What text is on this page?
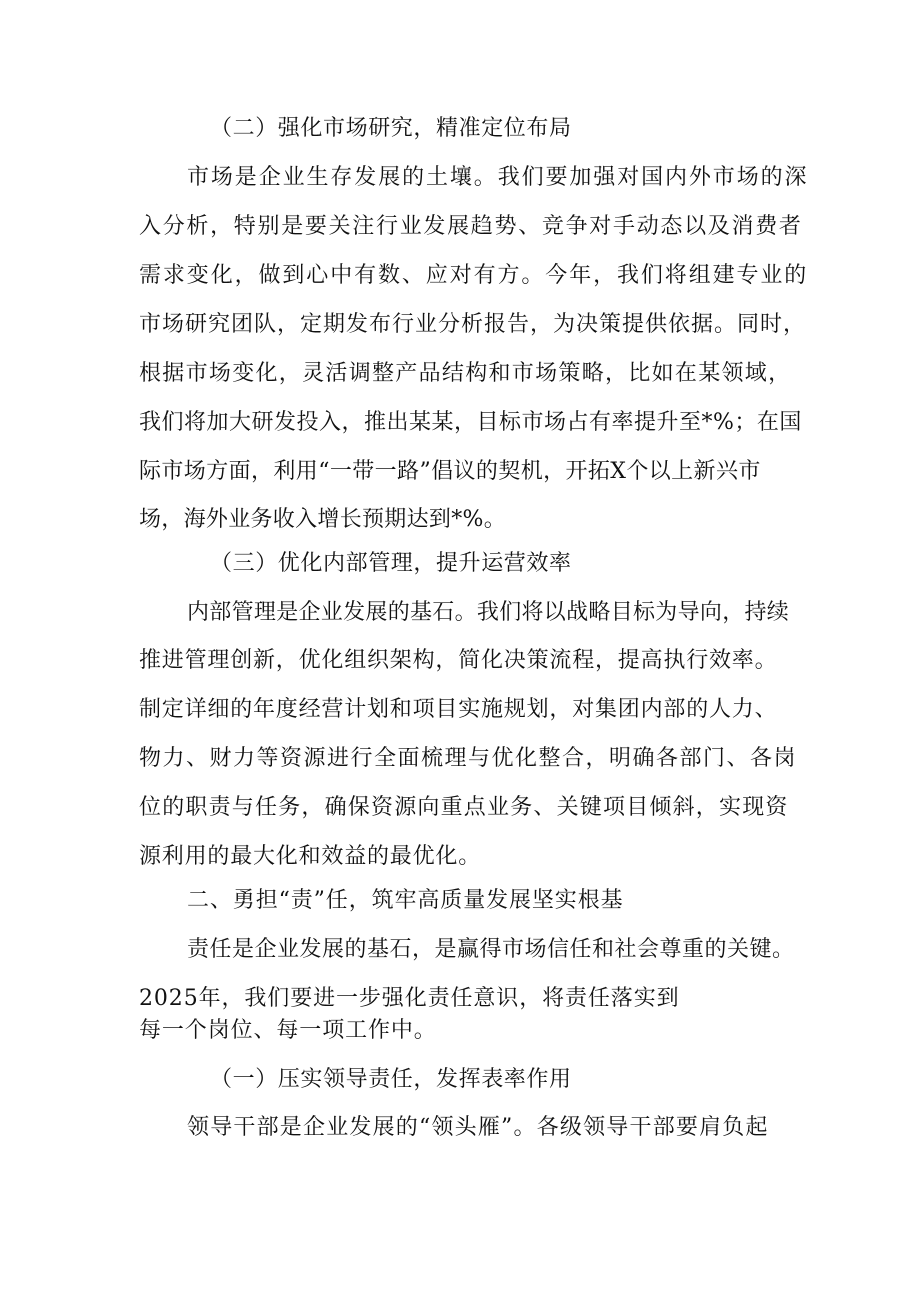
（二）强化市场研究，精准定位布局
市场是企业生存发展的土壤。我们要加强对国内外市场的深
入分析，特别是要关注行业发展趋势、竞争对手动态以及消费者
需求变化，做到心中有数、应对有方。今年，我们将组建专业的
市场研究团队，定期发布行业分析报告，为决策提供依据。同时，
根据市场变化，灵活调整产品结构和市场策略，比如在某领域，
我们将加大研发投入，推出某某，目标市场占有率提升至*%；在国
际市场方面，利用“一带一路”倡议的契机，开拓X个以上新兴市
场，海外业务收入增长预期达到*%。
（三）优化内部管理，提升运营效率
内部管理是企业发展的基石。我们将以战略目标为导向，持续
推进管理创新，优化组织架构，简化决策流程，提高执行效率。
制定详细的年度经营计划和项目实施规划，对集团内部的人力、
物力、财力等资源进行全面梳理与优化整合，明确各部门、各岗
位的职责与任务，确保资源向重点业务、关键项目倾斜，实现资
源利用的最大化和效益的最优化。
二、勇担“责”任，筑牢高质量发展坚实根基
责任是企业发展的基石，是赢得市场信任和社会尊重的关键。
2025年，我们要进一步强化责任意识，将责任落实到
每一个岗位、每一项工作中。
（一）压实领导责任，发挥表率作用
领导干部是企业发展的“领头雁”。各级领导干部要肩负起
